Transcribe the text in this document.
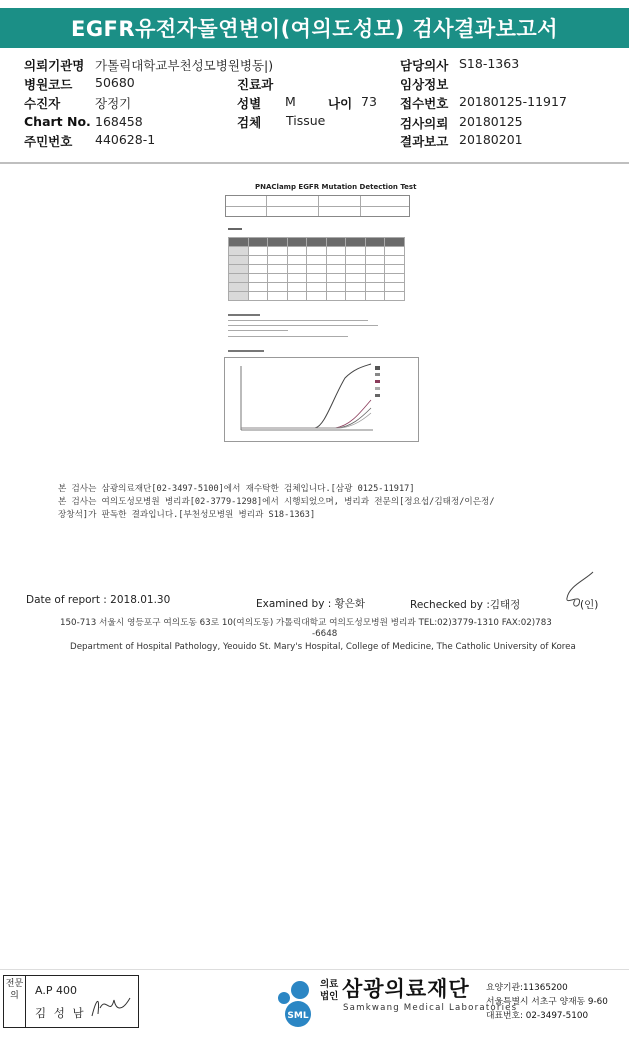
EGFR유전자돌연변이(여의도성모) 검사결과보고서
의뢰기관명 가톨릭대학교부천성모병원병동|)
병원코드 50680
수진자	장정기
Chart No. 168458
주민번호 440628-1
진료과
성별 M	나이 73
검체 Tissue
담당의사 S18-1363
임상정보
접수번호 20180125-11917
검사의뢰 20180125
결과보고 20180201
PNAClamp EGFR Mutation Detection Test

본 검사는 삼광의료재단[02-3497-5100]에서 재수탁한 검체입니다.[삼광 0125-11917]
본 검사는 여의도성모병원 병리과[02-3779-1298]에서 시행되었으며, 병리과 전문의[정요섭/김태정/이은정/
장창석]가 판독한 결과입니다.[부천성모병원 병리과 S18-1363]
Date of report : 2018.01.30	Examined by : 황은화	Rechecked by :김태정	(인)
150-713 서울시 영등포구 여의도동 63로 10(여의도동) 가톨릭대학교 여의도성모병원 병리과 TEL:02)3779-1310 FAX:02)783
-6648
Department of Hospital Pathology, Yeouido St. Mary's Hospital, College of Medicine, The Catholic University of Korea
전문의	A.P 400
김 성 남	SML
의료 법인 삼광의료재단
Samkwang Medical Laboratories
요양기관:11365200
서울특별시 서초구 양재동 9-60
대표번호: 02-3497-5100
